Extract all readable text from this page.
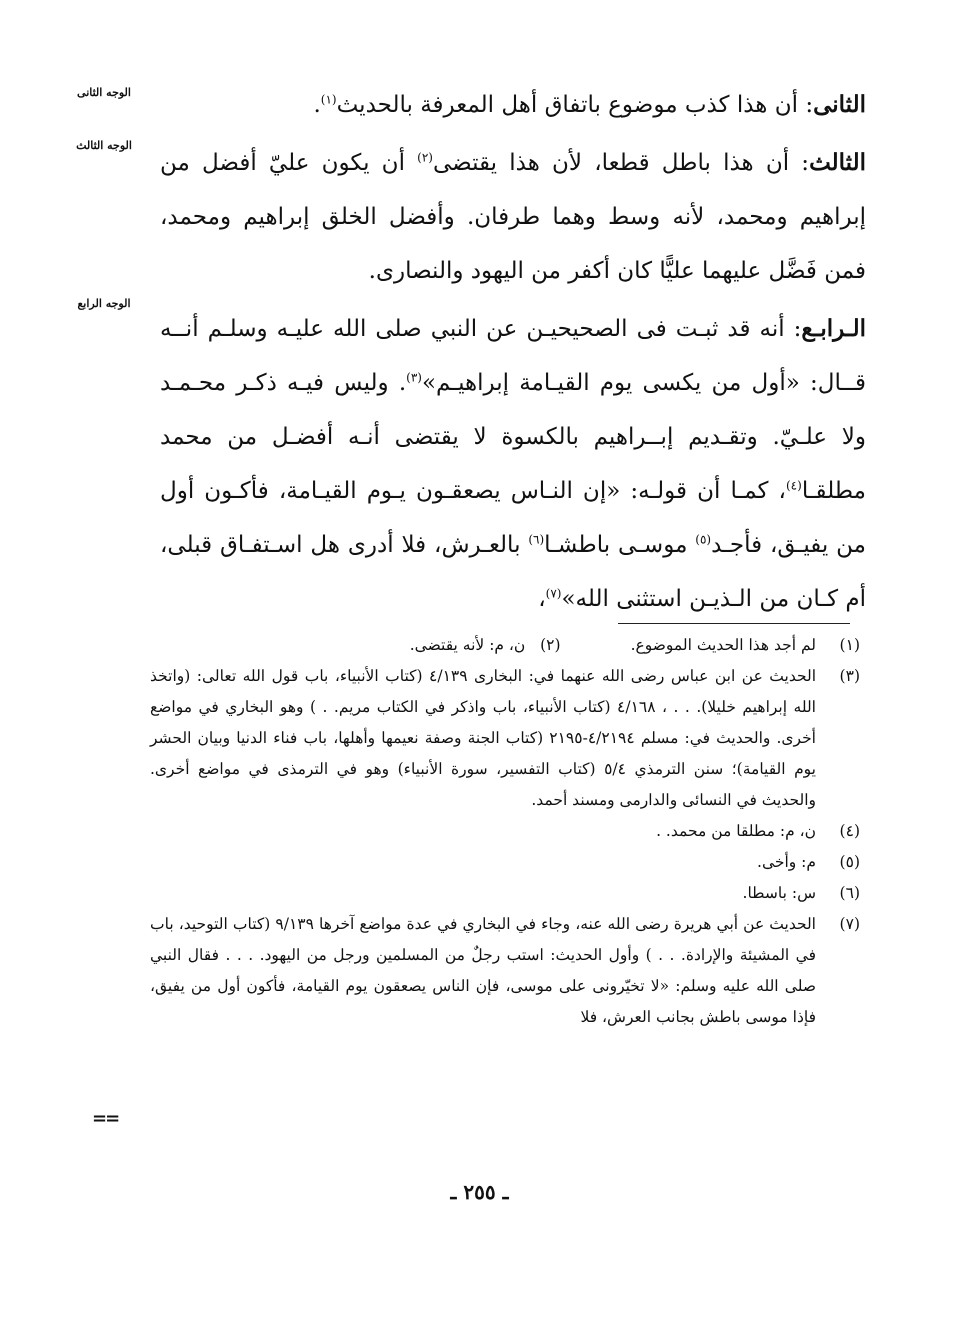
الوجه الثانى
الوجه الثالث
الوجه الرابع

الثانى: أن هذا كذب موضوع باتفاق أهل المعرفة بالحديث$^{(١)}$.

الثالث: أن هذا باطل قطعا، لأن هذا يقتضى$^{(٢)}$ أن يكون عليّ أفضل من إبراهيم ومحمد، لأنه وسط وهما طرفان. وأفضل الخلق إبراهيم ومحمد، فمن فَضَّل عليهما عليًّا كان أكفر من اليهود والنصارى.

الـرابـع: أنه قد ثبـت فى الصحيحيـن عن النبي صلى الله عليـه وسلـم أنــه قــال: «أول من يكسى يوم القيـامة إبراهيـم»$^{(٣)}$. وليس فيـه ذكـر محـمـد ولا علـيّ. وتقـديم إبــراهيم بالكسوة لا يقتضى أنـه أفضـل من محمد مطلقـا$^{(٤)}$، كمـا أن قولـه: «إن النـاس يصعقـون يـوم القيـامة، فأكـون أول من يفيـق، فأجـد$^{(٥)}$ موسـى باطشـا$^{(٦)}$ بالعـرش، فلا أدرى هل اسـتفـاق قبلى، أم كـان من الـذيـن استثنى الله»$^{(٧)}$،

(١)
لم أجد هذا الحديث الموضوع.(٢)   ن، م: لأنه يقتضى.
(٣)
الحديث عن ابن عباس رضى الله عنهما في: البخارى ٤/١٣٩ (كتاب الأنبياء، باب قول الله تعالى: (واتخذ الله إبراهيم خليلا). . . ، ٤/١٦٨ (كتاب الأنبياء، باب واذكر في الكتاب مريم. . ) وهو البخاري في مواضع أخرى. والحديث في: مسلم ٤/٢١٩٤-٢١٩٥ (كتاب الجنة وصفة نعيمها وأهلها، باب فناء الدنيا وبيان الحشر يوم القيامة)؛ سنن الترمذي ٥/٤ (كتاب التفسير، سورة الأنبياء) وهو في الترمذى في مواضع أخرى. والحديث في النسائى والدارمى ومسند أحمد.
(٤)
ن، م: مطلقا من محمد. .
(٥)
م: وأخى.
(٦)
س: باسطا.
(٧)
الحديث عن أبي هريرة رضى الله عنه، وجاء في البخاري في عدة مواضع آخرها ٩/١٣٩ (كتاب التوحيد، باب في المشيئة والإرادة. . . ) وأول الحديث: استب رجلٌ من المسلمين ورجل من اليهود. . . . فقال النبي صلى الله عليه وسلم: «لا تخيّرونى على موسى، فإن الناس يصعقون يوم القيامة، فأكون أول من يفيق، فإذا موسى باطش بجانب العرش، فلا
==
ـ ٢٥٥ ـ
